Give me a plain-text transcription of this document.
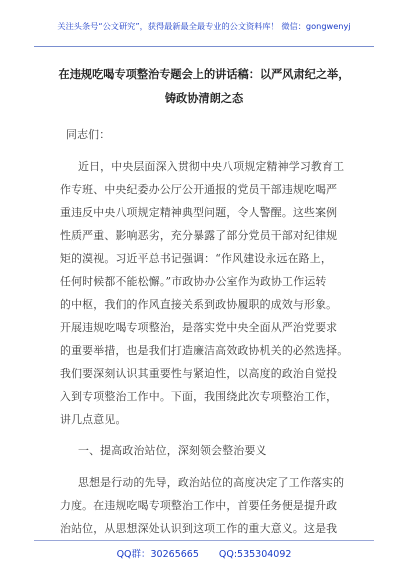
关注头条号“公文研究”，获得最新最全最专业的公文资料库！ 微信：gongwenyj
在违规吃喝专项整治专题会上的讲话稿：以严风肃纪之举，
铸政协清朗之态
同志们：
近日，中央层面深入贯彻中央八项规定精神学习教育工
作专班、中央纪委办公厅公开通报的党员干部违规吃喝严
重违反中央八项规定精神典型问题，令人警醒。这些案例
性质严重、影响恶劣，充分暴露了部分党员干部对纪律规
矩的漠视。习近平总书记强调：“作风建设永远在路上，
任何时候都不能松懈。”市政协办公室作为政协工作运转
的中枢，我们的作风直接关系到政协履职的成效与形象。
开展违规吃喝专项整治，是落实党中央全面从严治党要求
的重要举措，也是我们打造廉洁高效政协机关的必然选择。
我们要深刻认识其重要性与紧迫性，以高度的政治自觉投
入到专项整治工作中。下面，我围绕此次专项整治工作，
讲几点意见。
一、提高政治站位，深刻领会整治要义
思想是行动的先导，政治站位的高度决定了工作落实的
力度。在违规吃喝专项整治工作中，首要任务便是提升政
治站位，从思想深处认识到这项工作的重大意义。这是我
QQ群：30265665 QQ:535304092
